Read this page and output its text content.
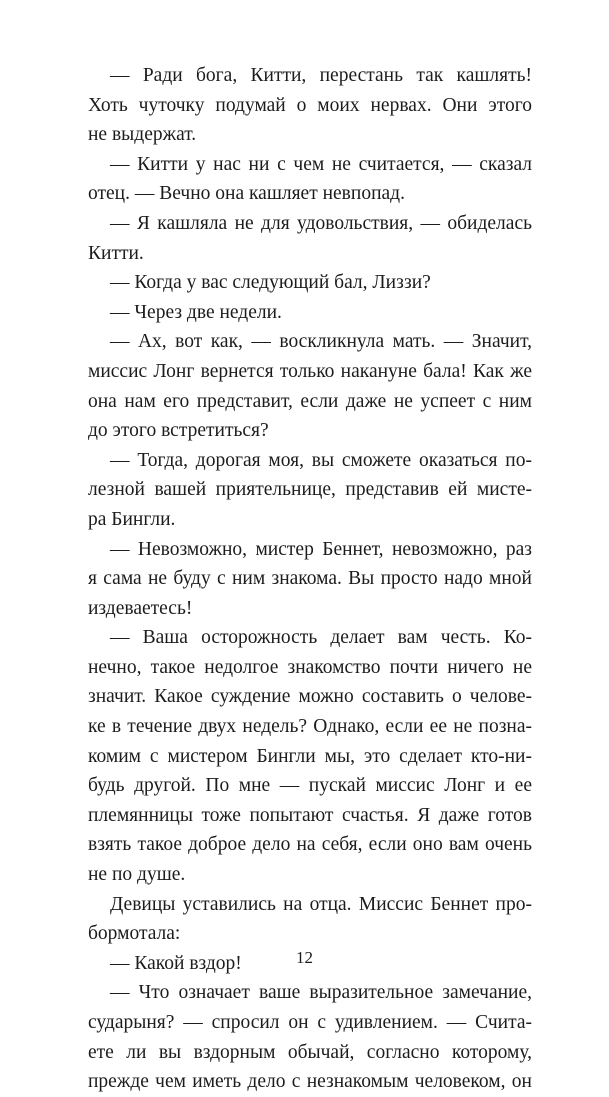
— Ради бога, Китти, перестань так кашлять!
Хоть чуточку подумай о моих нервах. Они этого
не выдержат.
— Китти у нас ни с чем не считается, — сказал
отец. — Вечно она кашляет невпопад.
— Я кашляла не для удовольствия, — обиделась
Китти.
— Когда у вас следующий бал, Лиззи?
— Через две недели.
— Ах, вот как, — воскликнула мать. — Значит,
миссис Лонг вернется только накануне бала! Как же
она нам его представит, если даже не успеет с ним
до этого встретиться?
— Тогда, дорогая моя, вы сможете оказаться по-
лезной вашей приятельнице, представив ей мисте-
ра Бингли.
— Невозможно, мистер Беннет, невозможно, раз
я сама не буду с ним знакома. Вы просто надо мной
издеваетесь!
— Ваша осторожность делает вам честь. Ко-
нечно, такое недолгое знакомство почти ничего не
значит. Какое суждение можно составить о челове-
ке в течение двух недель? Однако, если ее не позна-
комим с мистером Бингли мы, это сделает кто-ни-
будь другой. По мне — пускай миссис Лонг и ее
племянницы тоже попытают счастья. Я даже готов
взять такое доброе дело на себя, если оно вам очень
не по душе.
Девицы уставились на отца. Миссис Беннет про-
бормотала:
— Какой вздор!
— Что означает ваше выразительное замечание,
сударыня? — спросил он с удивлением. — Счита-
ете ли вы вздорным обычай, согласно которому,
прежде чем иметь дело с незнакомым человеком, он
12
